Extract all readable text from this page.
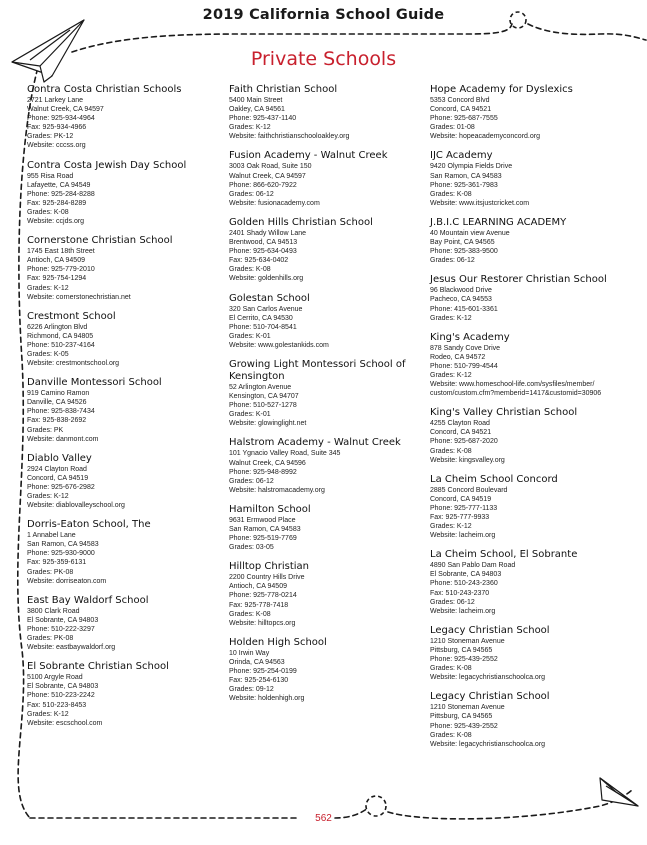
2019 California School Guide
Private Schools
Contra Costa Christian Schools
2721 Larkey Lane
Walnut Creek, CA 94597
Phone: 925-934-4964
Fax: 925-934-4966
Grades: PK-12
Website: cccss.org
Contra Costa Jewish Day School
955 Risa Road
Lafayette, CA 94549
Phone: 925-284-8288
Fax: 925-284-8289
Grades: K-08
Website: ccjds.org
Cornerstone Christian School
1745 East 18th Street
Antioch, CA 94509
Phone: 925-779-2010
Fax: 925-754-1294
Grades: K-12
Website: cornerstonechristian.net
Crestmont School
6226 Arlington Blvd
Richmond, CA 94805
Phone: 510-237-4164
Grades: K-05
Website: crestmontschool.org
Danville Montessori School
919 Camino Ramon
Danville, CA 94526
Phone: 925-838-7434
Fax: 925-838-2692
Grades: PK
Website: danmont.com
Diablo Valley
2924 Clayton Road
Concord, CA 94519
Phone: 925-676-2982
Grades: K-12
Website: diablovalleyschool.org
Dorris-Eaton School, The
1 Annabel Lane
San Ramon, CA 94583
Phone: 925-930-9000
Fax: 925-359-6131
Grades: PK-08
Website: dorriseaton.com
East Bay Waldorf School
3800 Clark Road
El Sobrante, CA 94803
Phone: 510-222-3297
Grades: PK-08
Website: eastbaywaldorf.org
El Sobrante Christian School
5100 Argyle Road
El Sobrante, CA 94803
Phone: 510-223-2242
Fax: 510-223-8453
Grades: K-12
Website: escschool.com
Faith Christian School
5400 Main Street
Oakley, CA 94561
Phone: 925-437-1140
Grades: K-12
Website: faithchristianschooloakley.org
Fusion Academy - Walnut Creek
3003 Oak Road, Suite 150
Walnut Creek, CA 94597
Phone: 866-620-7922
Grades: 06-12
Website: fusionacademy.com
Golden Hills Christian School
2401 Shady Willow Lane
Brentwood, CA 94513
Phone: 925-634-0493
Fax: 925-634-0402
Grades: K-08
Website: goldenhills.org
Golestan School
320 San Carlos Avenue
El Cerrito, CA 94530
Phone: 510-704-8541
Grades: K-01
Website: www.golestankids.com
Growing Light Montessori School of Kensington
52 Arlington Avenue
Kensington, CA 94707
Phone: 510-527-1278
Grades: K-01
Website: glowinglight.net
Halstrom Academy - Walnut Creek
101 Ygnacio Valley Road, Suite 345
Walnut Creek, CA 94596
Phone: 925-948-8992
Grades: 06-12
Website: halstromacademy.org
Hamilton School
9631 Ermwood Place
San Ramon, CA 94583
Phone: 925-519-7769
Grades: 03-05
Hilltop Christian
2200 Country Hills Drive
Antioch, CA 94509
Phone: 925-778-0214
Fax: 925-778-7418
Grades: K-08
Website: hilltopcs.org
Holden High School
10 Irwin Way
Orinda, CA 94563
Phone: 925-254-0199
Fax: 925-254-6130
Grades: 09-12
Website: holdenhigh.org
Hope Academy for Dyslexics
5353 Concord Blvd
Concord, CA 94521
Phone: 925-687-7555
Grades: 01-08
Website: hopeacademyconcord.org
IJC Academy
9420 Olympia Fields Drive
San Ramon, CA 94583
Phone: 925-361-7983
Grades: K-08
Website: www.itsjustcricket.com
J.B.I.C LEARNING ACADEMY
40 Mountain view Avenue
Bay Point, CA 94565
Phone: 925-383-9500
Grades: 06-12
Jesus Our Restorer Christian School
96 Blackwood Drive
Pacheco, CA 94553
Phone: 415-601-3361
Grades: K-12
King's Academy
878 Sandy Cove Drive
Rodeo, CA 94572
Phone: 510-799-4544
Grades: K-12
Website: www.homeschool-life.com/sysfiles/member/
custom/custom.cfm?memberid=1417&customid=30906
King's Valley Christian School
4255 Clayton Road
Concord, CA 94521
Phone: 925-687-2020
Grades: K-08
Website: kingsvalley.org
La Cheim School Concord
2885 Concord Boulevard
Concord, CA 94519
Phone: 925-777-1133
Fax: 925-777-9933
Grades: K-12
Website: lacheim.org
La Cheim School, El Sobrante
4890 San Pablo Dam Road
El Sobrante, CA 94803
Phone: 510-243-2360
Fax: 510-243-2370
Grades: 06-12
Website: lacheim.org
Legacy Christian School
1210 Stoneman Avenue
Pittsburg, CA 94565
Phone: 925-439-2552
Grades: K-08
Website: legacychristianschoolca.org
Legacy Christian School
1210 Stoneman Avenue
Pittsburg, CA 94565
Phone: 925-439-2552
Grades: K-08
Website: legacychristianschoolca.org
562
